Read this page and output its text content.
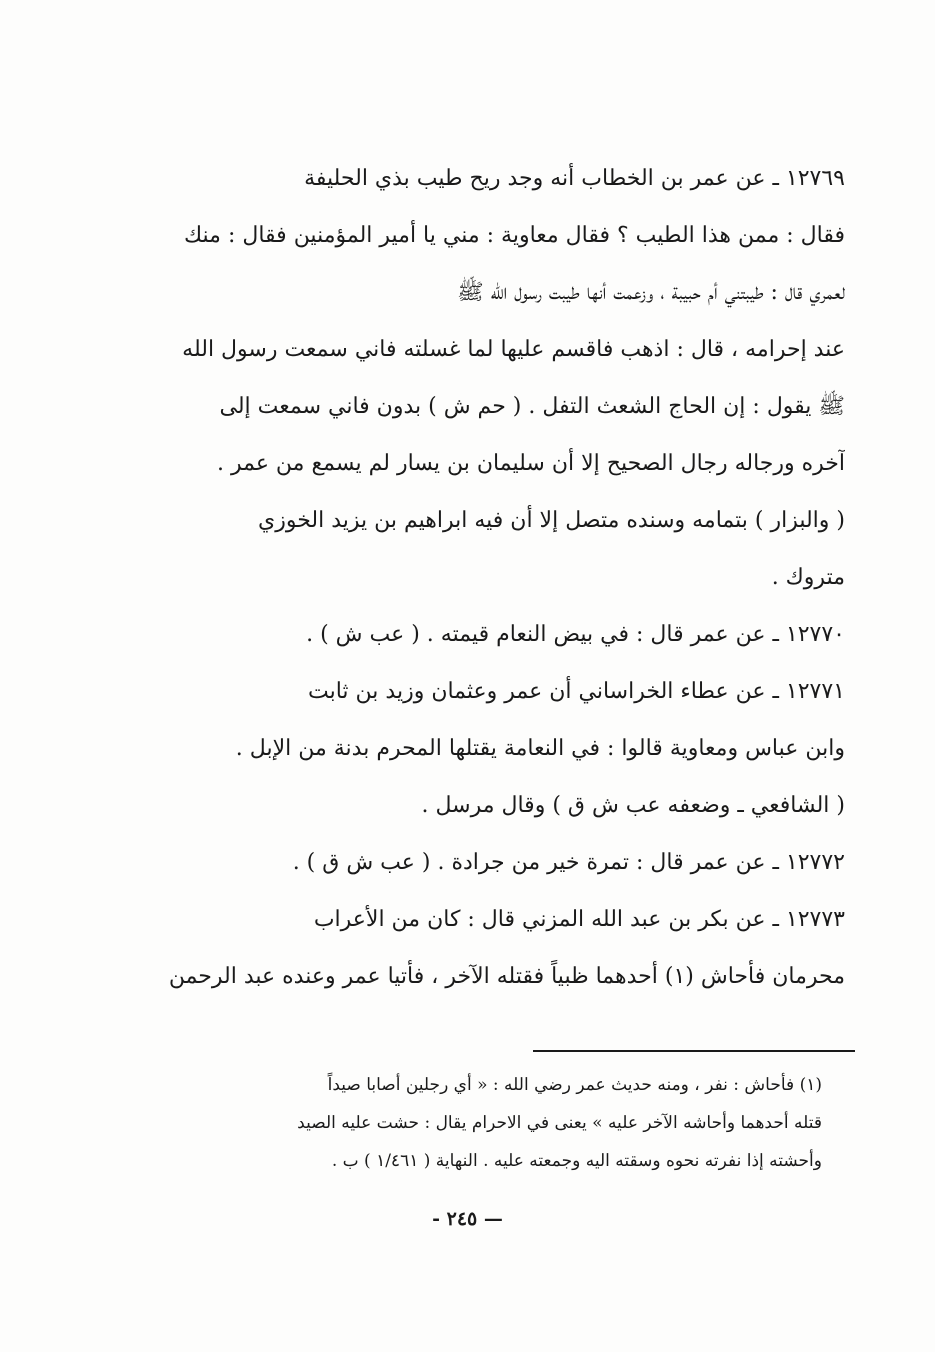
١٢٧٦٩ ـ عن عمر بن الخطاب أنه وجد ريح طيب بذي الحليفة
فقال : ممن هذا الطيب ؟ فقال معاوية : مني يا أمير المؤمنين فقال : منك
لعمري قال : طيبتني أم حبيبة ، وزعمت أنها طيبت رسول الله ﷺ
عند إحرامه ، قال : اذهب فاقسم عليها لما غسلته فاني سمعت رسول الله
ﷺ يقول : إن الحاج الشعث التفل . ( حم ش ) بدون فاني سمعت إلى
آخره ورجاله رجال الصحيح إلا أن سليمان بن يسار لم يسمع من عمر .
( والبزار ) بتمامه وسنده متصل إلا أن فيه ابراهيم بن يزيد الخوزي
متروك .
١٢٧٧٠ ـ عن عمر قال : في بيض النعام قيمته . ( عب ش ) .
١٢٧٧١ ـ عن عطاء الخراساني أن عمر وعثمان وزيد بن ثابت
وابن عباس ومعاوية قالوا : في النعامة يقتلها المحرم بدنة من الإبل .
( الشافعي ـ وضعفه عب ش ق ) وقال مرسل .
١٢٧٧٢ ـ عن عمر قال : تمرة خير من جرادة . ( عب ش ق ) .
١٢٧٧٣ ـ عن بكر بن عبد الله المزني قال : كان من الأعراب
محرمان فأحاش (١) أحدهما ظبياً فقتله الآخر ، فأتيا عمر وعنده عبد الرحمن
(١) فأحاش : نفر ، ومنه حديث عمر رضي الله : « أي رجلين أصابا صيداً
قتله أحدهما وأحاشه الآخر عليه » يعنى في الاحرام يقال : حشت عليه الصيد
وأحشته إذا نفرته نحوه وسقته اليه وجمعته عليه . النهاية ( ١/٤٦١ ) ب .
— ٢٤٥ -
